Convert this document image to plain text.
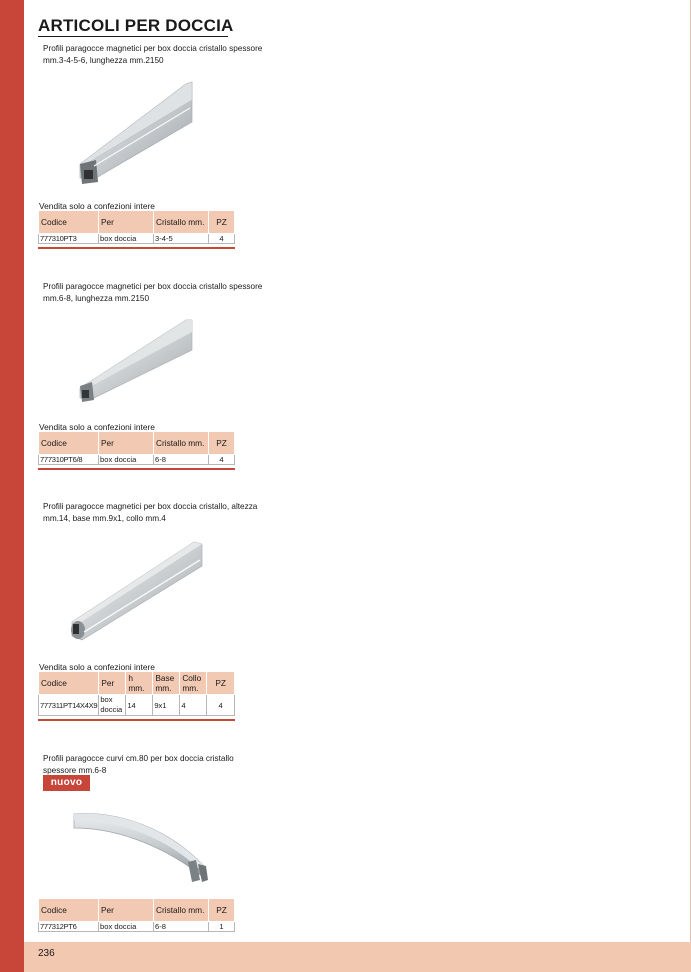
ARTICOLI PER DOCCIA
Profili paragocce magnetici per box doccia cristallo spessore mm.3-4-5-6, lunghezza mm.2150
Vendita solo a confezioni intere
Codice	Per	Cristallo mm.	PZ
777310PT3	box doccia	3-4-5	4
Profili paragocce magnetici per box doccia cristallo spessore mm.6-8, lunghezza mm.2150
Vendita solo a confezioni intere
Codice	Per	Cristallo mm.	PZ
777310PT6/8	box doccia	6-8	4
Profili paragocce magnetici per box doccia cristallo, altezza mm.14, base mm.9x1, collo mm.4
Vendita solo a confezioni intere
Codice	Per	h mm.	Base mm.	Collo mm.	PZ
777311PT14X4X9	box doccia	14	9x1	4	4
Profili paragocce curvi cm.80 per box doccia cristallo spessore mm.6-8
nuovo
Codice	Per	Cristallo mm.	PZ
777312PT6	box doccia	6-8	1
236
